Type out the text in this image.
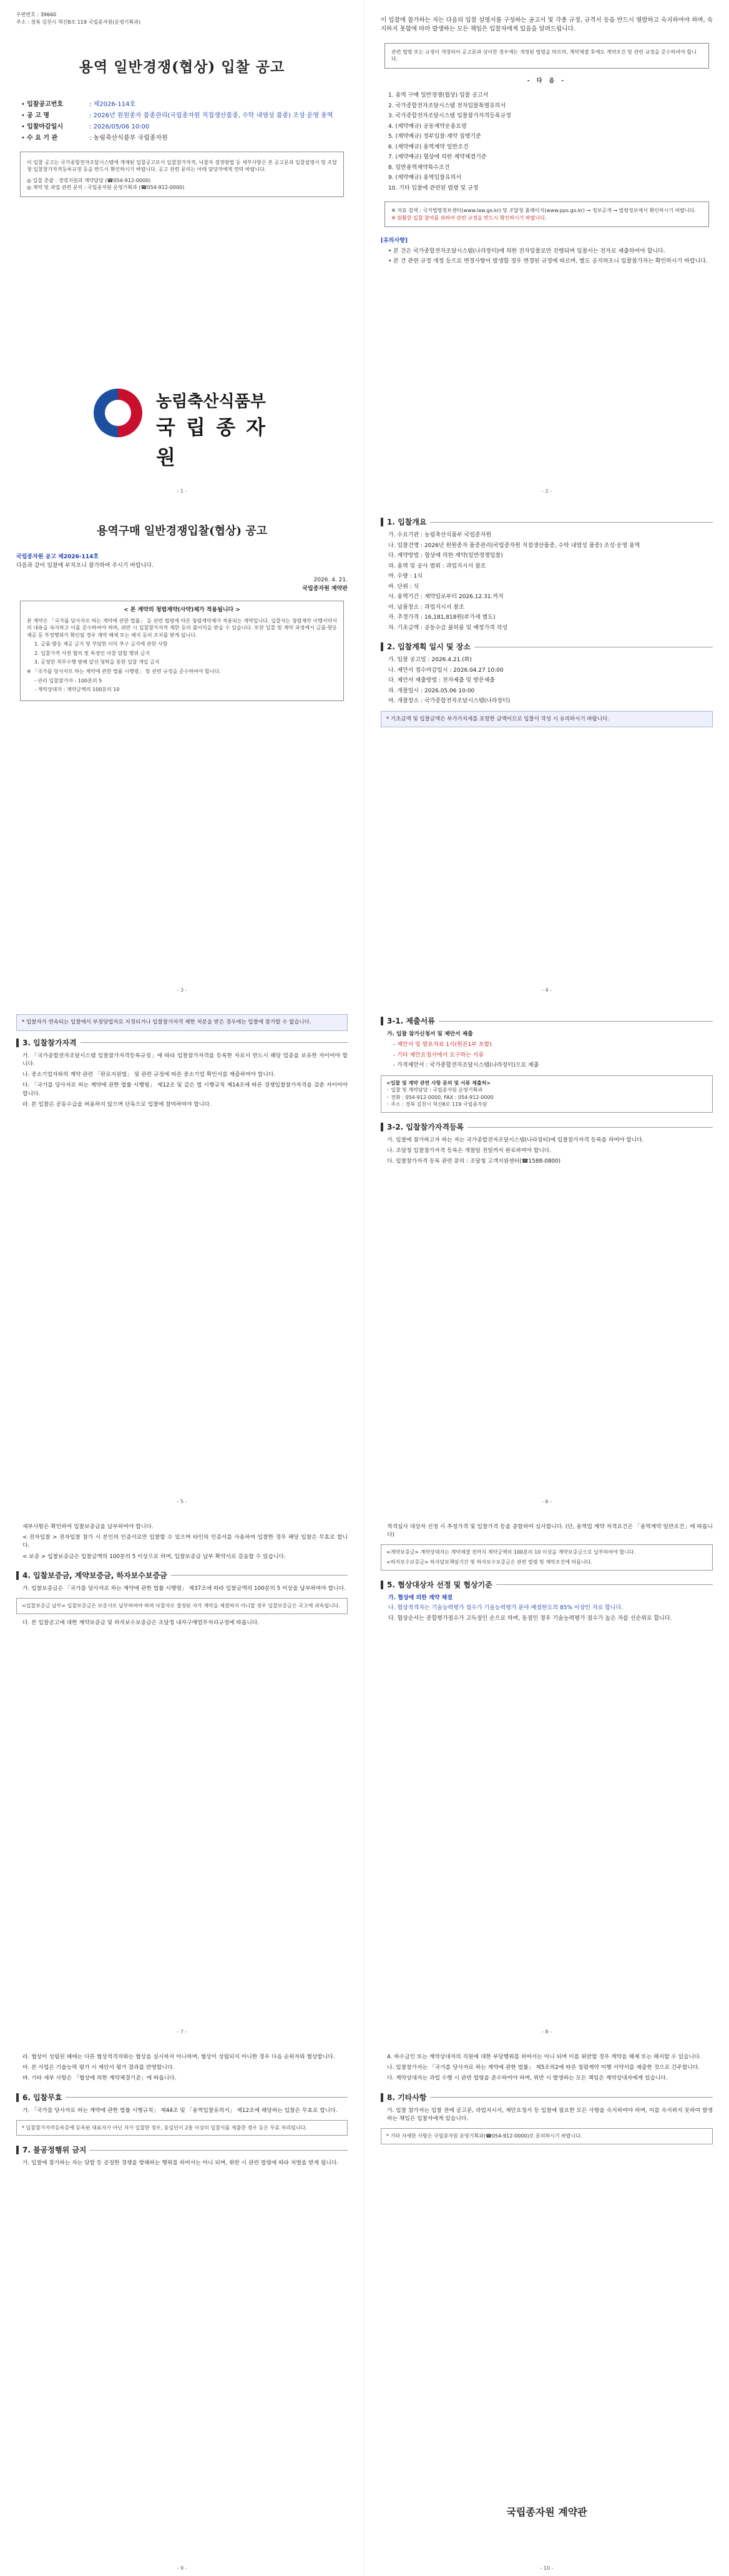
우편번호 : 39660
주소 : 경북 김천시 혁신8로 119 국립종자원(운영기획과)
용역 일반경쟁(협상) 입찰 공고
• 입찰공고번호	: 제2026-114호
• 공 고 명	: 2026년 원원종자 품종관리(국립종자원 직접생산품종, 수탁 내염성 품종) 조성·운영 용역
• 입찰마감일시	: 2026/05/06 10:00
• 수 요 기 관	: 농림축산식품부 국립종자원

이 입찰 공고는 국가종합전자조달시스템에 게재된 입찰공고로서 입찰참가자격, 낙찰자 결정방법 등 세부사항은 본 공고문과 입찰설명서 및 조달청 입찰참가자격등록규정 등을 반드시 확인하시기 바랍니다. 공고 관련 문의는 아래 담당자에게 연락 바랍니다.

◎ 입찰 총괄 : 경영지원과 계약담당 (☎054-912-0000)
◎ 계약 및 과업 관련 문의 : 국립종자원 운영기획과 (☎054-912-0000)
농림축산식품부
국 립 종 자 원
- 1 -

이 입찰에 참가하는 자는 다음의 입찰 설명서를 구성하는 공고서 및 각종 규정, 규격서 등을 반드시 열람하고 숙지하여야 하며, 숙지하지 못함에 따라 발생하는 모든 책임은 입찰자에게 있음을 알려드립니다.

관련 법령 또는 규정이 개정되어 공고문과 상이한 경우에는 개정된 법령을 따르며, 계약체결 후에도 계약조건 및 관련 규정을 준수하여야 합니다.
- 다 음 -
1. 용역 구매 일반경쟁(협상) 입찰 공고서
2. 국가종합전자조달시스템 전자입찰특별유의서
3. 국가종합전자조달시스템 입찰참가자격등록규정
4. (계약예규) 공동계약운용요령
5. (계약예규) 정부입찰·계약 집행기준
6. (계약예규) 용역계약 일반조건
7. (계약예규) 협상에 의한 계약체결기준
8. 일반용역계약특수조건
9. (계약예규) 용역입찰유의서
10. 기타 입찰에 관련된 법령 및 규정
※ 자료 검색 : 국가법령정보센터(www.law.go.kr) 및 조달청 홈페이지(www.pps.go.kr) → 정보공개 → 법령정보에서 확인하시기 바랍니다.
※ 원활한 입찰 참여를 위하여 관련 규정을 반드시 확인하시기 바랍니다.
[유의사항]
• 본 건은 국가종합전자조달시스템(나라장터)에 의한 전자입찰로만 진행되며 입찰서는 전자로 제출하여야 합니다.
• 본 건 관련 규정 개정 등으로 변경사항이 발생할 경우 변경된 규정에 따르며, 별도 공지하오니 입찰참가자는 확인하시기 바랍니다.
- 2 -
용역구매 일반경쟁입찰(협상) 공고
국립종자원 공고 제2026-114호
다음과 같이 입찰에 부치오니 참가하여 주시기 바랍니다.
2026. 4. 21.
국립종자원 계약관
< 본 계약의 청렴계약(사약)제가 적용됩니다 >

본 계약은 「국가를 당사자로 하는 계약에 관한 법률」 등 관련 법령에 따른 청렴계약제가 적용되는 계약입니다. 입찰자는 청렴계약 이행서약서의 내용을 숙지하고 이를 준수하여야 하며, 위반 시 입찰참가자격 제한 등의 불이익을 받을 수 있습니다. 또한 입찰 및 계약 과정에서 금품·향응 제공 등 부정행위가 확인될 경우 계약 해제 또는 해지 등의 조치를 받게 됩니다.

1. 금품·향응 제공 금지 및 부당한 이익 추구 금지에 관한 사항
2. 입찰가격 사전 협의 및 특정인 낙찰 담합 행위 금지
3. 공정한 직무수행 방해 알선·청탁을 통한 입찰 개입 금지

※ 「국가를 당사자로 하는 계약에 관한 법률 시행령」 및 관련 규정을 준수하여야 합니다.

- 관리 입찰참가자 : 100분의 5
- 계약상대자 : 계약금액의 100분의 10
- 3 -
1. 입찰개요
가. 수요기관 : 농림축산식품부 국립종자원
나. 입찰건명 : 2026년 원원종자 품종관리(국립종자원 직접생산품종, 수탁 내염성 품종) 조성·운영 용역
다. 계약방법 : 협상에 의한 계약(일반경쟁입찰)
라. 용역 및 공사 범위 : 과업지시서 참조
마. 수량 : 1식
바. 단위 : 식
사. 용역기간 : 계약일로부터 2026.12.31.까지
아. 납품장소 : 과업지시서 참조
자. 추정가격 : 16,181,818원(부가세 별도)
차. 기초금액 : 공동수급 불허용 및 예정가격 작성
2. 입찰계획 일시 및 장소
가. 입찰 공고일 : 2026.4.21.(화)
나. 제안서 접수마감일시 : 2026.04.27 10:00
다. 제안서 제출방법 : 전자제출 및 방문제출
라. 개찰일시 : 2026.05.06 10:00
마. 개찰장소 : 국가종합전자조달시스템(나라장터)
* 기초금액 및 입찰금액은 부가가치세를 포함한 금액이므로 입찰서 작성 시 유의하시기 바랍니다.
- 4 -
* 입찰자가 연속되는 입찰에서 부정당업자로 지정되거나 입찰참가자격 제한 처분을 받은 경우에는 입찰에 참가할 수 없습니다.
3. 입찰참가자격

가. 「국가종합전자조달시스템 입찰참가자격등록규정」에 따라 입찰참가자격을 등록한 자로서 반드시 해당 업종을 보유한 자이어야 합니다.

나. 중소기업자와의 계약 관련 「판로지원법」 및 관련 규정에 따른 중소기업 확인서를 제출하여야 합니다.

다. 「국가를 당사자로 하는 계약에 관한 법률 시행령」 제12조 및 같은 법 시행규칙 제14조에 따른 경쟁입찰참가자격을 갖춘 자이어야 합니다.

라. 본 입찰은 공동수급을 허용하지 않으며 단독으로 입찰에 참여하여야 합니다.

- 5 -
3-1. 제출서류
가. 입찰 참가신청서 및 제안서 제출
- 제안서 및 발표자료 1식(원본1부 포함)
- 기타 제안요청서에서 요구하는 서류
- 가격제안서 : 국가종합전자조달시스템(나라장터)으로 제출
<입찰 및 계약 관련 사항 문의 및 서류 제출처>
◦ 입찰 및 계약담당 : 국립종자원 운영기획과
◦ 전화 : 054-912-0000, FAX : 054-912-0000
◦ 주소 : 경북 김천시 혁신8로 119 국립종자원
3-2. 입찰참가자격등록

가. 입찰에 참가하고자 하는 자는 국가종합전자조달시스템(나라장터)에 입찰참가자격 등록을 하여야 합니다.

나. 조달청 입찰참가자격 등록은 개찰일 전일까지 완료하여야 합니다.

다. 입찰참가자격 등록 관련 문의 : 조달청 고객지원센터(☎1588-0800)

- 6 -

세부사항은 확인하여 입찰보증금을 납부하여야 합니다.

< 전자입찰 > 전자입찰 참가 시 본인의 인증서로만 입찰할 수 있으며 타인의 인증서를 사용하여 입찰한 경우 해당 입찰은 무효로 합니다.

< 보증 > 입찰보증금은 입찰금액의 100분의 5 이상으로 하며, 입찰보증금 납부 확약서로 갈음할 수 있습니다.

4. 입찰보증금, 계약보증금, 하자보수보증금

가. 입찰보증금은 「국가를 당사자로 하는 계약에 관한 법률 시행령」 제37조에 따라 입찰금액의 100분의 5 이상을 납부하여야 합니다.

<입찰보증금 납부> 입찰보증금은 보증서로 납부하여야 하며 낙찰자로 결정된 자가 계약을 체결하지 아니할 경우 입찰보증금은 국고에 귀속됩니다.

다. 본 입찰공고에 대한 계약보증금 및 하자보수보증금은 조달청 내자구매업무처리규정에 따릅니다.

- 7 -

적격심사 대상자 선정 시 추정가격 및 입찰가격 등을 종합하여 심사합니다. (단, 용역업 계약 자격요건은 「용역계약 일반조건」에 따릅니다)

<계약보증금> 계약상대자는 계약체결 전까지 계약금액의 100분의 10 이상을 계약보증금으로 납부하여야 합니다.
<하자보수보증금> 하자담보책임기간 및 하자보수보증금은 관련 법령 및 계약조건에 따릅니다.
5. 협상대상자 선정 및 협상기준
가. 협상에 의한 계약 체결
나. 협상적격자는 기술능력평가 점수가 기술능력평가 분야 배점한도의 85% 이상인 자로 합니다.
다. 협상순서는 종합평가점수가 고득점인 순으로 하며, 동점인 경우 기술능력평가 점수가 높은 자를 선순위로 합니다.
- 8 -

라. 협상이 성립된 때에는 다른 협상적격자와는 협상을 실시하지 아니하며, 협상이 성립되지 아니한 경우 다음 순위자와 협상합니다.

마. 본 사업은 기술능력 평가 시 제안서 평가 결과를 반영합니다.

바. 기타 세부 사항은 「협상에 의한 계약체결기준」에 따릅니다.

6. 입찰무효

가. 「국가를 당사자로 하는 계약에 관한 법률 시행규칙」 제44조 및 「용역입찰유의서」 제12조에 해당하는 입찰은 무효로 합니다.

* 입찰참가자격등록증에 등록된 대표자가 아닌 자가 입찰한 경우, 동일인이 2통 이상의 입찰서를 제출한 경우 등은 무효 처리됩니다.
7. 불공정행위 금지

가. 입찰에 참가하는 자는 담합 등 공정한 경쟁을 방해하는 행위를 하여서는 아니 되며, 위반 시 관련 법령에 따라 처벌을 받게 됩니다.

- 9 -

4. 하수급인 또는 계약상대자의 직원에 대한 부당행위를 하여서는 아니 되며 이를 위반할 경우 계약을 해제 또는 해지할 수 있습니다.

나. 입찰참가자는 「국가를 당사자로 하는 계약에 관한 법률」 제5조의2에 따른 청렴계약 이행 서약서를 제출한 것으로 간주합니다.

다. 계약상대자는 과업 수행 시 관련 법령을 준수하여야 하며, 위반 시 발생하는 모든 책임은 계약상대자에게 있습니다.

8. 기타사항

가. 입찰 참가자는 입찰 전에 공고문, 과업지시서, 제안요청서 등 입찰에 필요한 모든 사항을 숙지하여야 하며, 이를 숙지하지 못하여 발생하는 책임은 입찰자에게 있습니다.

* 기타 자세한 사항은 국립종자원 운영기획과(☎054-912-0000)로 문의하시기 바랍니다.
국립종자원 계약관
- 10 -
